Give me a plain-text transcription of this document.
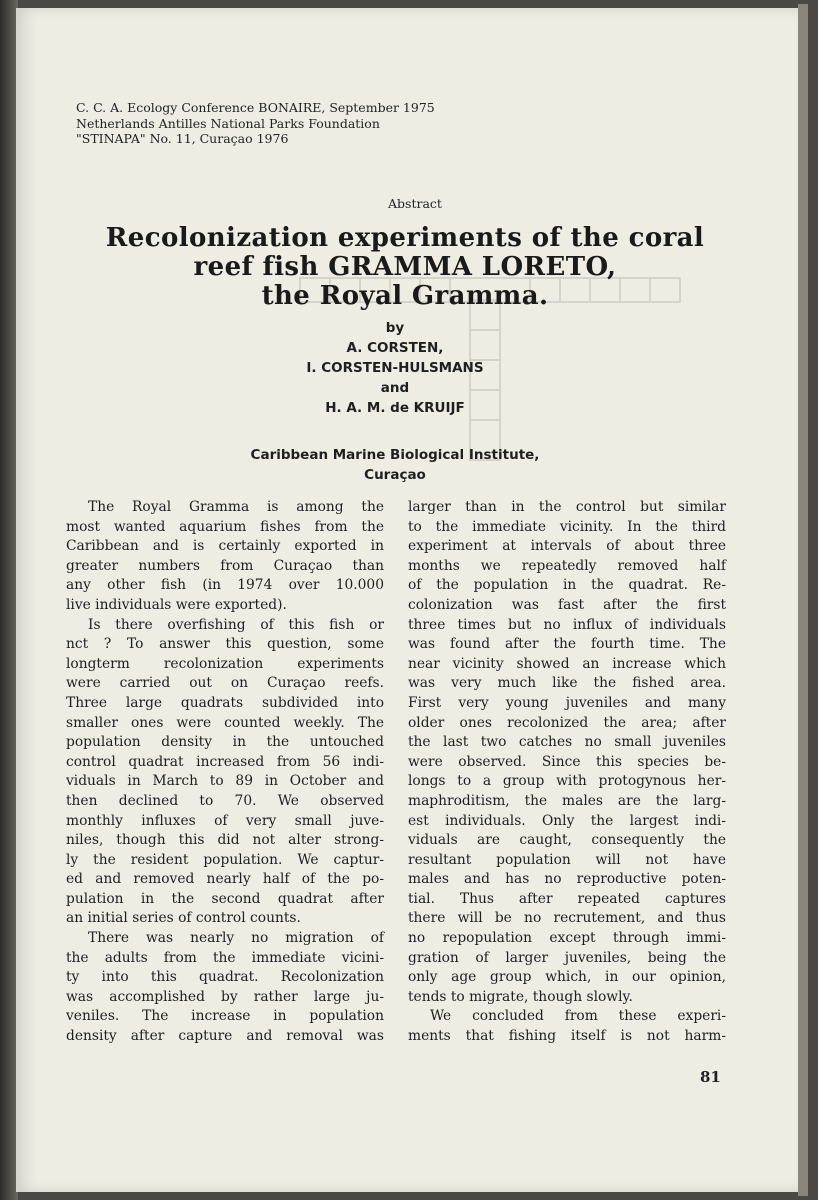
C. C. A. Ecology Conference BONAIRE, September 1975
Netherlands Antilles National Parks Foundation
"STINAPA" No. 11, Curaçao 1976
Abstract
Recolonization experiments of the coral
reef fish GRAMMA LORETO,
the Royal Gramma.
by
A. CORSTEN,
I. CORSTEN-HULSMANS
and
H. A. M. de KRUIJF
Caribbean Marine Biological Institute,
Curaçao
The Royal Gramma is among the
most wanted aquarium fishes from the
Caribbean and is certainly exported in
greater numbers from Curaçao than
any other fish (in 1974 over 10.000
live individuals were exported).
Is there overfishing of this fish or
nct ? To answer this question, some
longterm recolonization experiments
were carried out on Curaçao reefs.
Three large quadrats subdivided into
smaller ones were counted weekly. The
population density in the untouched
control quadrat increased from 56 indi-
viduals in March to 89 in October and
then declined to 70. We observed
monthly influxes of very small juve-
niles, though this did not alter strong-
ly the resident population. We captur-
ed and removed nearly half of the po-
pulation in the second quadrat after
an initial series of control counts.
There was nearly no migration of
the adults from the immediate vicini-
ty into this quadrat. Recolonization
was accomplished by rather large ju-
veniles. The increase in population
density after capture and removal was
larger than in the control but similar
to the immediate vicinity. In the third
experiment at intervals of about three
months we repeatedly removed half
of the population in the quadrat. Re-
colonization was fast after the first
three times but no influx of individuals
was found after the fourth time. The
near vicinity showed an increase which
was very much like the fished area.
First very young juveniles and many
older ones recolonized the area; after
the last two catches no small juveniles
were observed. Since this species be-
longs to a group with protogynous her-
maphroditism, the males are the larg-
est individuals. Only the largest indi-
viduals are caught, consequently the
resultant population will not have
males and has no reproductive poten-
tial. Thus after repeated captures
there will be no recrutement, and thus
no repopulation except through immi-
gration of larger juveniles, being the
only age group which, in our opinion,
tends to migrate, though slowly.
We concluded from these experi-
ments that fishing itself is not harm-
81
